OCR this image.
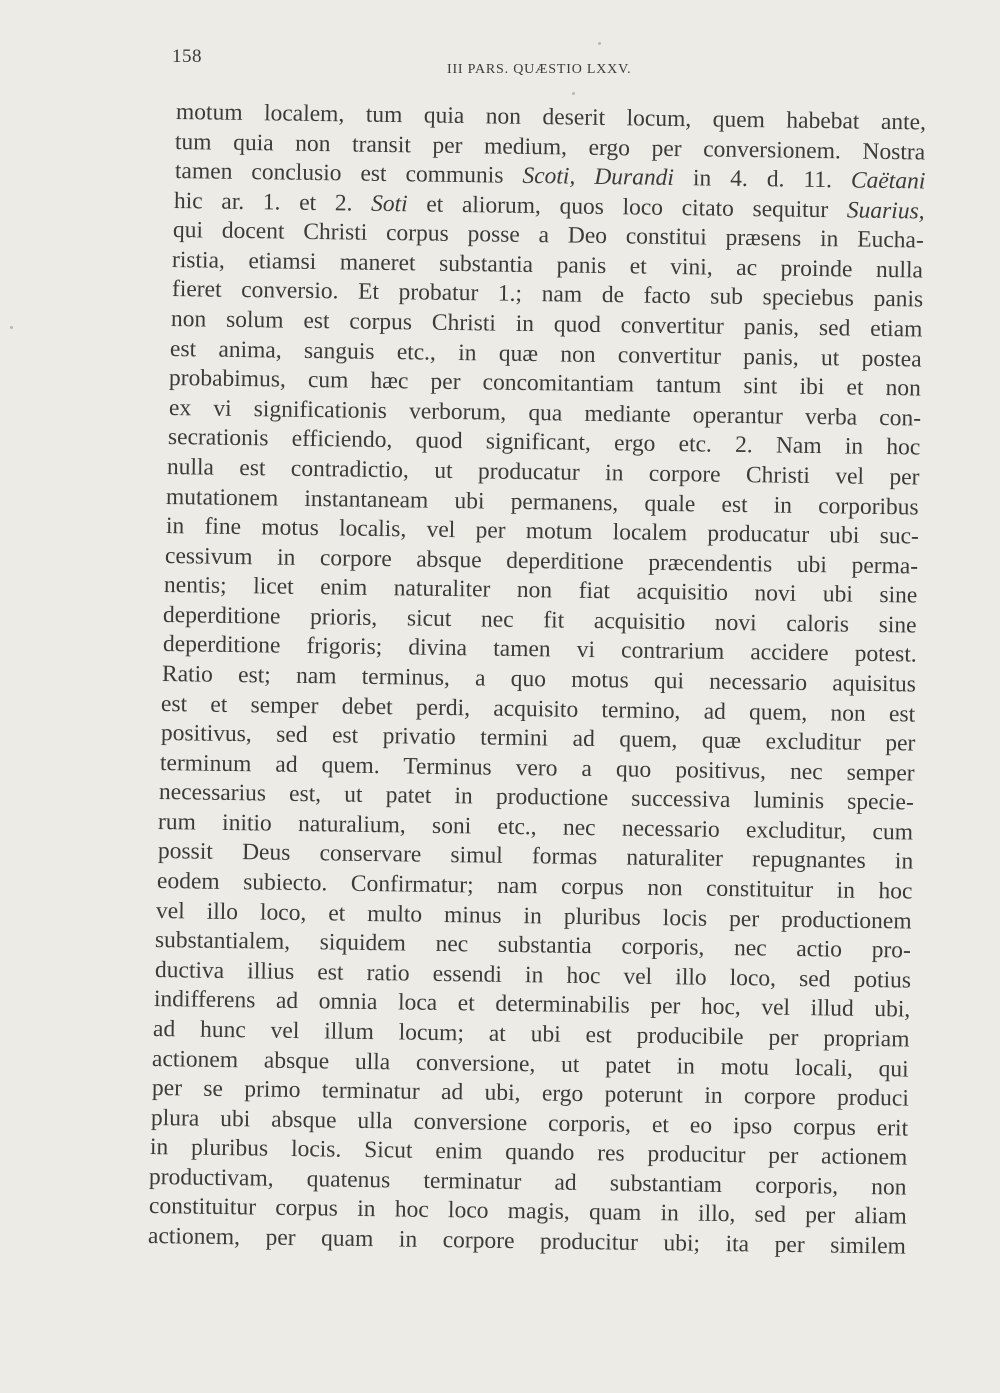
158
III PARS. QUÆSTIO LXXV.
motum localem, tum quia non deserit locum, quem habebat ante,
tum quia non transit per medium, ergo per conversionem. Nostra
tamen conclusio est communis Scoti, Durandi in 4. d. 11. Caëtani
hic ar. 1. et 2. Soti et aliorum, quos loco citato sequitur Suarius,
qui docent Christi corpus posse a Deo constitui præsens in Eucha-
ristia, etiamsi maneret substantia panis et vini, ac proinde nulla
fieret conversio. Et probatur 1.; nam de facto sub speciebus panis
non solum est corpus Christi in quod convertitur panis, sed etiam
est anima, sanguis etc., in quæ non convertitur panis, ut postea
probabimus, cum hæc per concomitantiam tantum sint ibi et non
ex vi significationis verborum, qua mediante operantur verba con-
secrationis efficiendo, quod significant, ergo etc. 2. Nam in hoc
nulla est contradictio, ut producatur in corpore Christi vel per
mutationem instantaneam ubi permanens, quale est in corporibus
in fine motus localis, vel per motum localem producatur ubi suc-
cessivum in corpore absque deperditione præcendentis ubi perma-
nentis; licet enim naturaliter non fiat acquisitio novi ubi sine
deperditione prioris, sicut nec fit acquisitio novi caloris sine
deperditione frigoris; divina tamen vi contrarium accidere potest.
Ratio est; nam terminus, a quo motus qui necessario aquisitus
est et semper debet perdi, acquisito termino, ad quem, non est
positivus, sed est privatio termini ad quem, quæ excluditur per
terminum ad quem. Terminus vero a quo positivus, nec semper
necessarius est, ut patet in productione successiva luminis specie-
rum initio naturalium, soni etc., nec necessario excluditur, cum
possit Deus conservare simul formas naturaliter repugnantes in
eodem subiecto. Confirmatur; nam corpus non constituitur in hoc
vel illo loco, et multo minus in pluribus locis per productionem
substantialem, siquidem nec substantia corporis, nec actio pro-
ductiva illius est ratio essendi in hoc vel illo loco, sed potius
indifferens ad omnia loca et determinabilis per hoc, vel illud ubi,
ad hunc vel illum locum; at ubi est producibile per propriam
actionem absque ulla conversione, ut patet in motu locali, qui
per se primo terminatur ad ubi, ergo poterunt in corpore produci
plura ubi absque ulla conversione corporis, et eo ipso corpus erit
in pluribus locis. Sicut enim quando res producitur per actionem
productivam, quatenus terminatur ad substantiam corporis, non
constituitur corpus in hoc loco magis, quam in illo, sed per aliam
actionem, per quam in corpore producitur ubi; ita per similem
